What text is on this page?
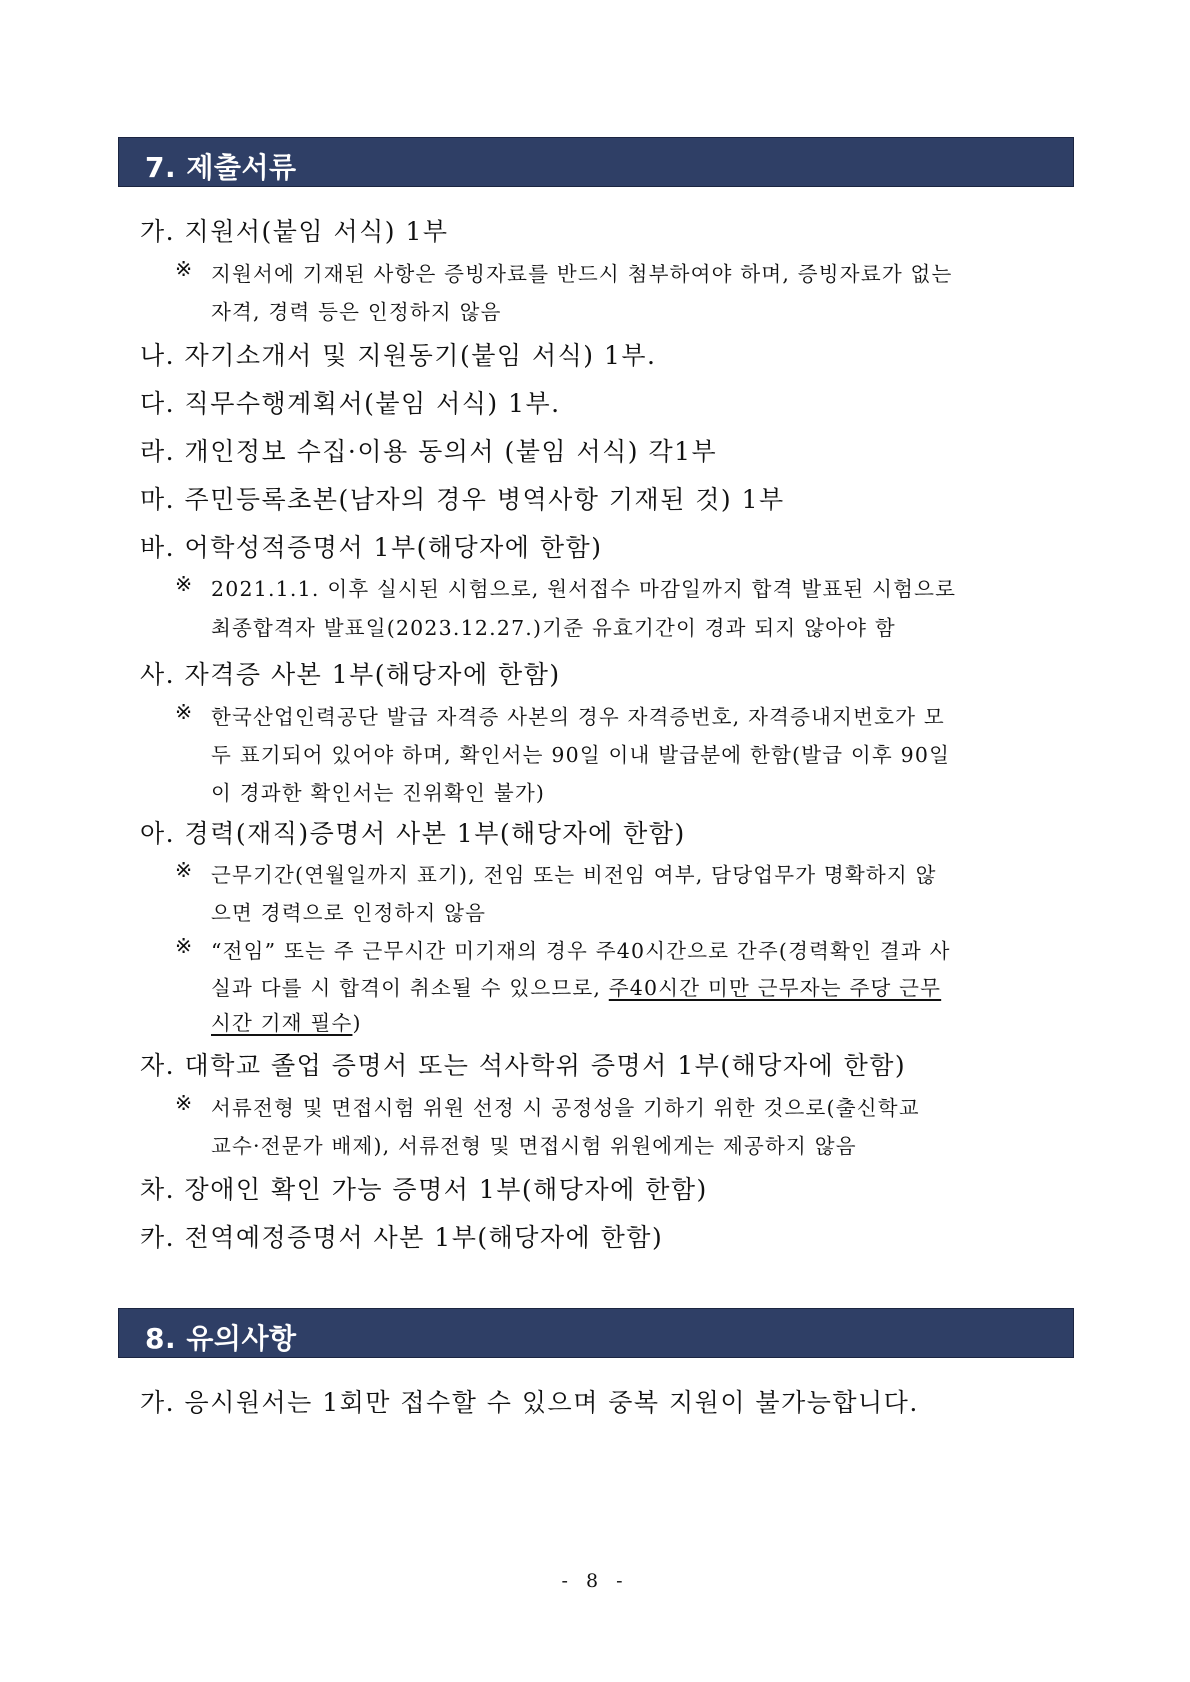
7. 제출서류
가. 지원서(붙임 서식) 1부
※ 지원서에 기재된 사항은 증빙자료를 반드시 첨부하여야 하며, 증빙자료가 없는
자격, 경력 등은 인정하지 않음
나. 자기소개서 및 지원동기(붙임 서식) 1부.
다. 직무수행계획서(붙임 서식) 1부.
라. 개인정보 수집·이용 동의서 (붙임 서식) 각1부
마. 주민등록초본(남자의 경우 병역사항 기재된 것) 1부
바. 어학성적증명서 1부(해당자에 한함)
※ 2021.1.1. 이후 실시된 시험으로, 원서접수 마감일까지 합격 발표된 시험으로
최종합격자 발표일(2023.12.27.)기준 유효기간이 경과 되지 않아야 함
사. 자격증 사본 1부(해당자에 한함)
※ 한국산업인력공단 발급 자격증 사본의 경우 자격증번호, 자격증내지번호가 모
두 표기되어 있어야 하며, 확인서는 90일 이내 발급분에 한함(발급 이후 90일
이 경과한 확인서는 진위확인 불가)
아. 경력(재직)증명서 사본 1부(해당자에 한함)
※ 근무기간(연월일까지 표기), 전임 또는 비전임 여부, 담당업무가 명확하지 않
으면 경력으로 인정하지 않음
※ “전임” 또는 주 근무시간 미기재의 경우 주40시간으로 간주(경력확인 결과 사
실과 다를 시 합격이 취소될 수 있으므로, 주40시간 미만 근무자는 주당 근무
시간 기재 필수)
자. 대학교 졸업 증명서 또는 석사학위 증명서 1부(해당자에 한함)
※ 서류전형 및 면접시험 위원 선정 시 공정성을 기하기 위한 것으로(출신학교
교수·전문가 배제), 서류전형 및 면접시험 위원에게는 제공하지 않음
차. 장애인 확인 가능 증명서 1부(해당자에 한함)
카. 전역예정증명서 사본 1부(해당자에 한함)
8. 유의사항
가. 응시원서는 1회만 접수할 수 있으며 중복 지원이 불가능합니다.
- 8 -
